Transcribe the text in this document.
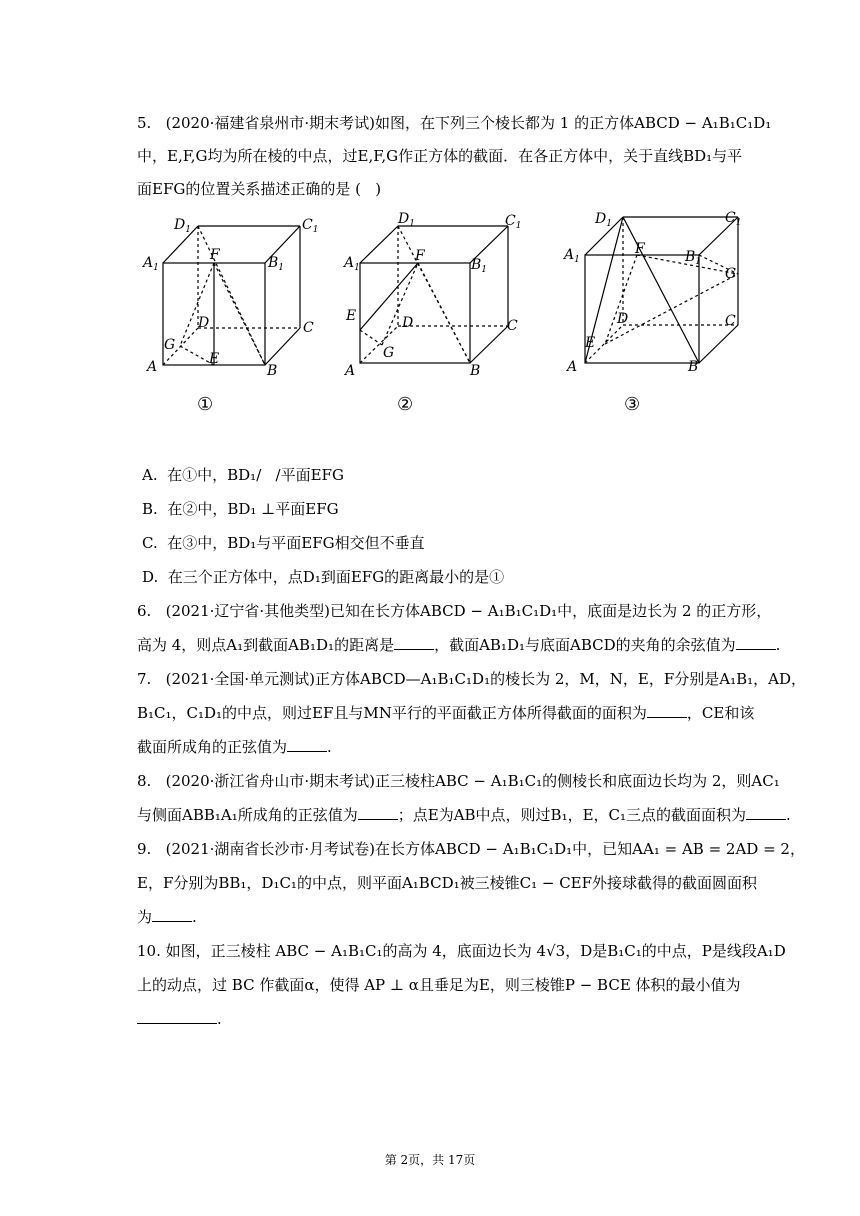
5.   (2020·福建省泉州市·期末考试)如图，在下列三个棱长都为 1 的正方体ABCD − A₁B₁C₁D₁
中，E,F,G均为所在棱的中点，过E,F,G作正方体的截面．在各正方体中，关于直线BD₁与平
面EFG的位置关系描述正确的是 (   )
$D_1$	$C_1$
$A_1$	$B_1$
F
D	C
G
A	E
B
$D_1$	$C_1$
$A_1$	$B_1$
F
E	D	C
G
A	B
$D_1$	$C_1$
$A_1$	$B_1$
F
G
D	C
E
A	B
①	②	③
A.  在①中，BD₁/   /平面EFG
B.  在②中，BD₁ ⊥平面EFG
C.  在③中，BD₁与平面EFG相交但不垂直
D.  在三个正方体中，点D₁到面EFG的距离最小的是①
6.   (2021·辽宁省·其他类型)已知在长方体ABCD − A₁B₁C₁D₁中，底面是边长为 2 的正方形，
高为 4，则点A₁到截面AB₁D₁的距离是	，截面AB₁D₁与底面ABCD的夹角的余弦值为	.
7.   (2021·全国·单元测试)正方体ABCD—A₁B₁C₁D₁的棱长为 2，M，N，E，F分别是A₁B₁，AD，
B₁C₁，C₁D₁的中点，则过EF且与MN平行的平面截正方体所得截面的面积为	，CE和该
截面所成角的正弦值为	.
8.   (2020·浙江省舟山市·期末考试)正三棱柱ABC − A₁B₁C₁的侧棱长和底面边长均为 2，则AC₁
与侧面ABB₁A₁所成角的正弦值为	；点E为AB中点，则过B₁，E，C₁三点的截面面积为	.
9.   (2021·湖南省长沙市·月考试卷)在长方体ABCD − A₁B₁C₁D₁中，已知AA₁ = AB = 2AD = 2，
E，F分别为BB₁，D₁C₁的中点，则平面A₁BCD₁被三棱锥C₁ − CEF外接球截得的截面圆面积
为	.
10. 如图，正三棱柱 ABC − A₁B₁C₁的高为 4，底面边长为 4√3，D是B₁C₁的中点，P是线段A₁D
上的动点，过 BC 作截面α，使得 AP ⊥ α且垂足为E，则三棱锥P − BCE 体积的最小值为
.
第 2页，共 17页
